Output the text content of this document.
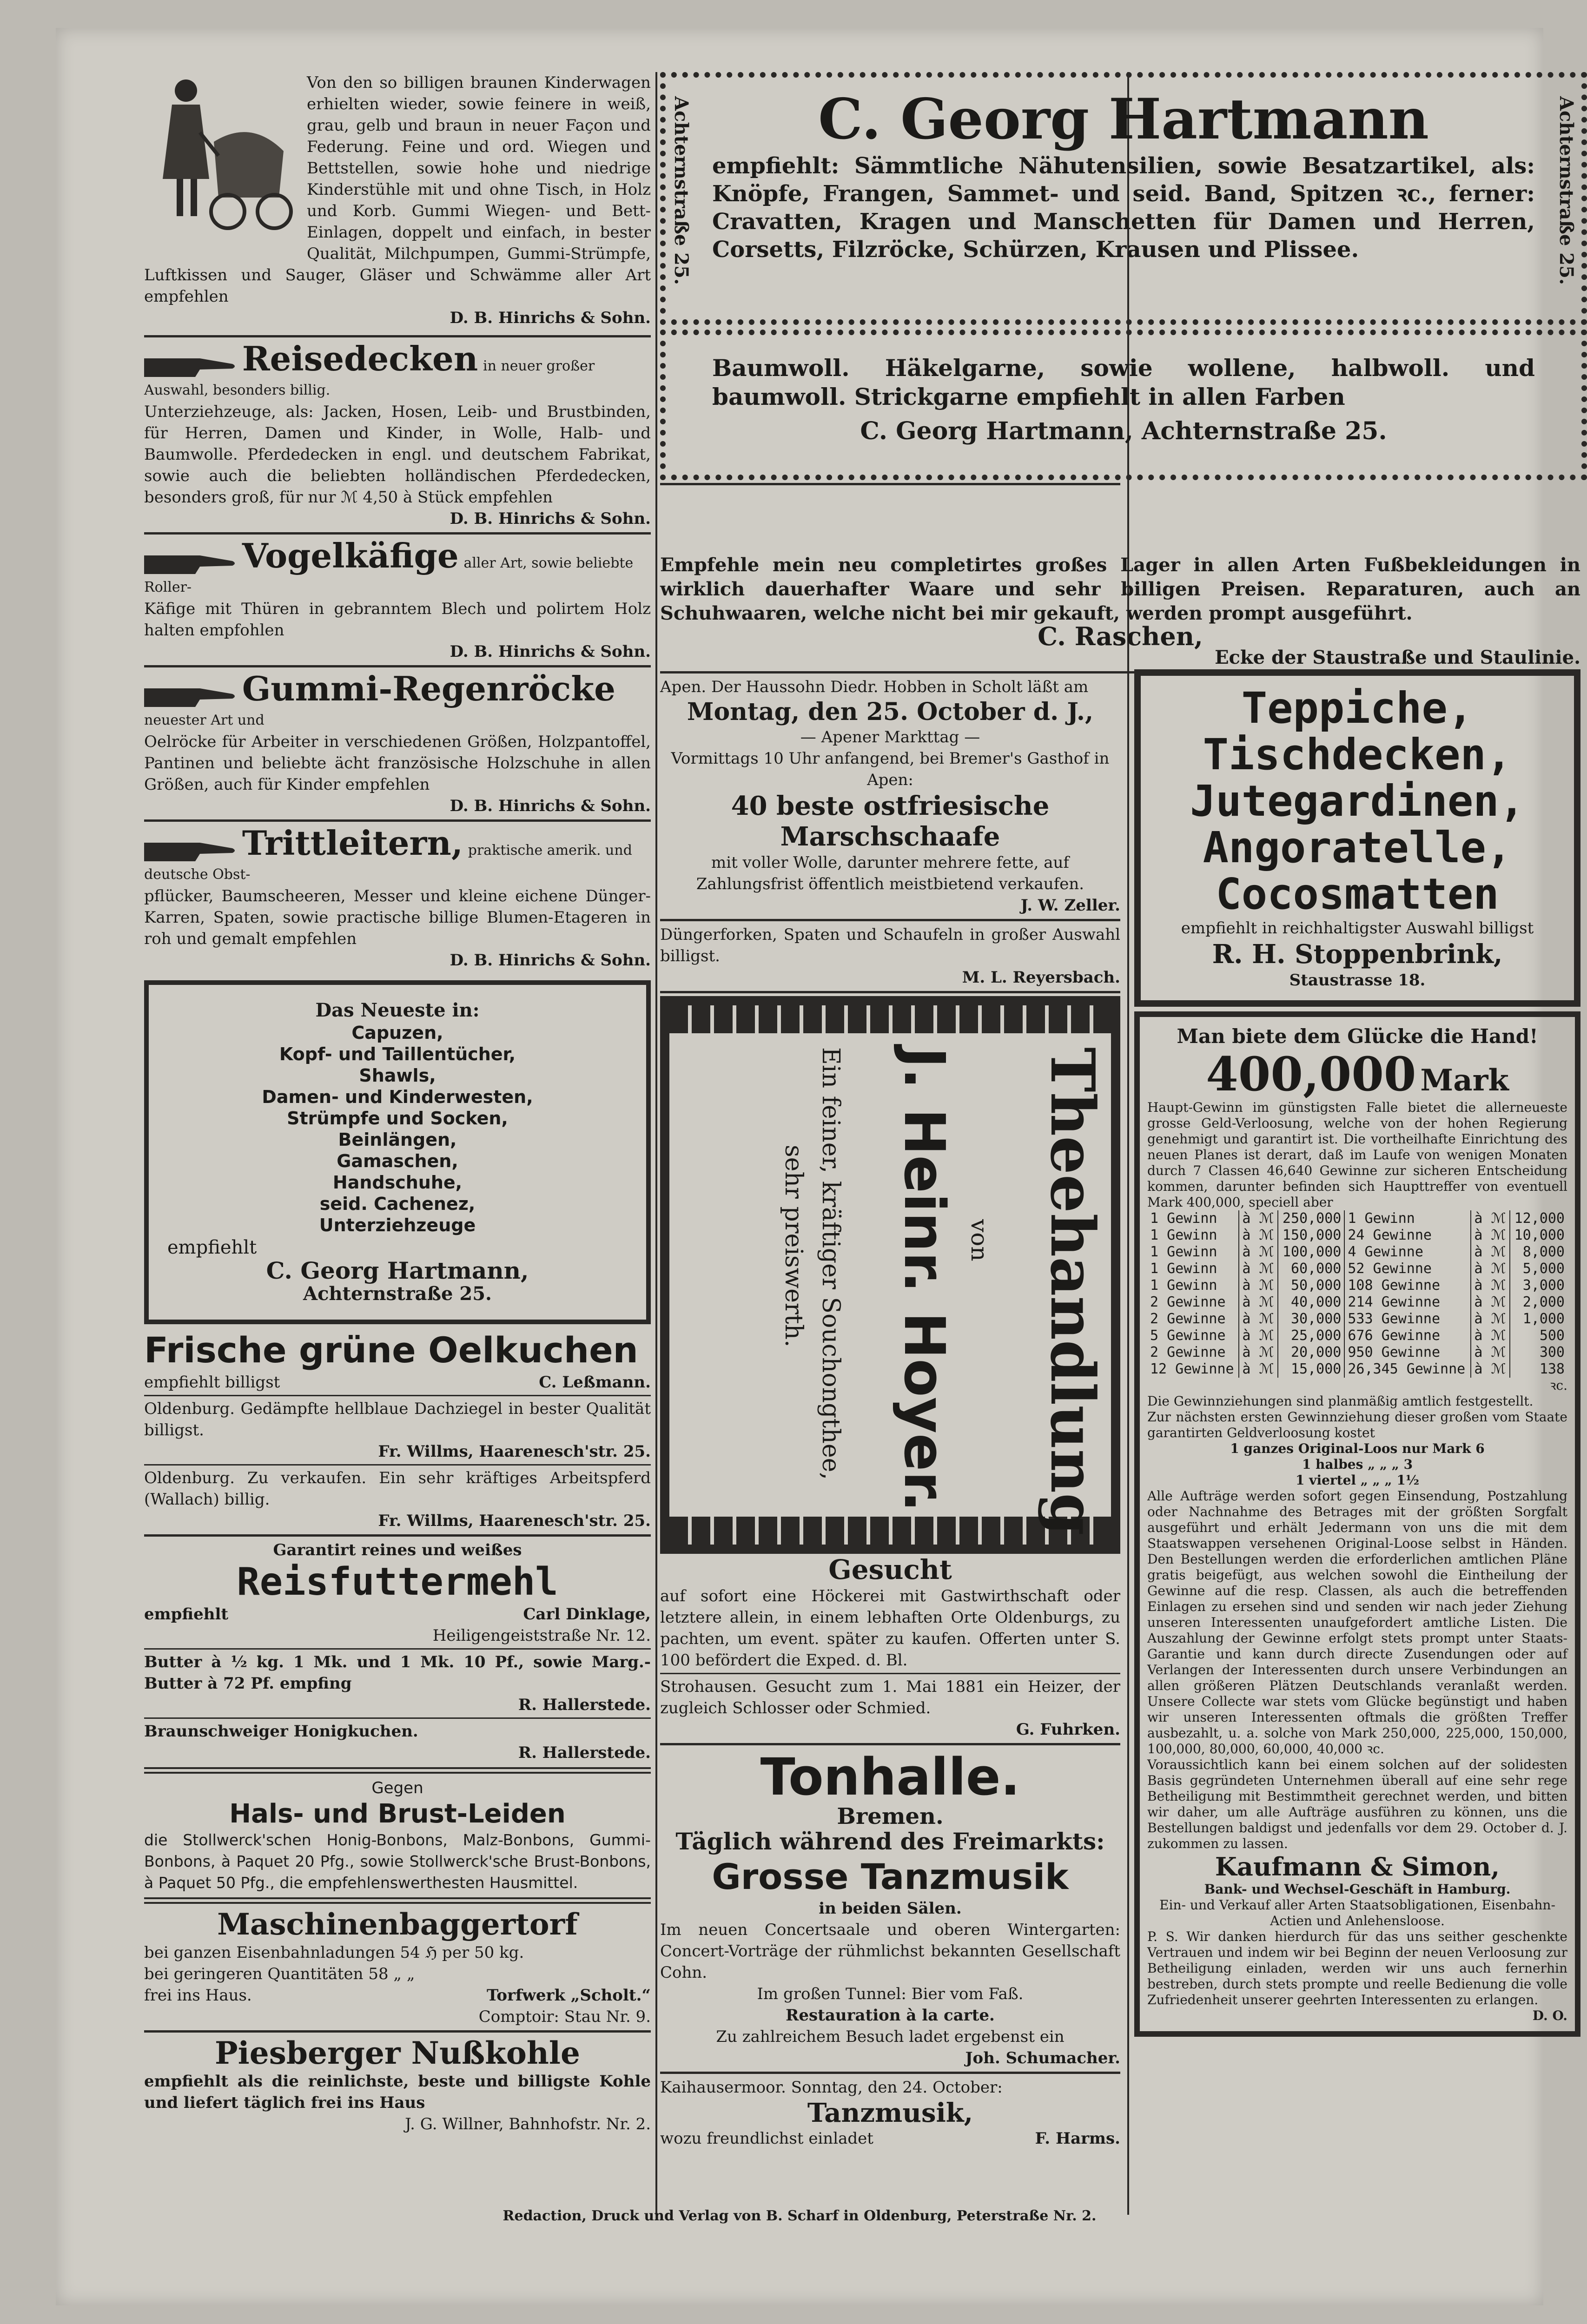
Von den so billigen braunen Kinderwagen erhielten wieder, sowie feinere in weiß, grau, gelb und braun in neuer Façon und Federung. Feine und ord. Wiegen und Bettstellen, sowie hohe und niedrige Kinderstühle mit und ohne Tisch, in Holz und Korb. Gummi Wiegen- und Bett-Einlagen, doppelt und einfach, in bester Qualität, Milchpumpen, Gummi-Strümpfe, Luftkissen und Sauger, Gläser und Schwämme aller Art empfehlen
D. B. Hinrichs & Sohn.
Reisedecken in neuer großer Auswahl, besonders billig.
Unterziehzeuge, als: Jacken, Hosen, Leib- und Brustbinden, für Herren, Damen und Kinder, in Wolle, Halb- und Baumwolle. Pferdedecken in engl. und deutschem Fabrikat, sowie auch die beliebten holländischen Pferdedecken, besonders groß, für nur ℳ 4,50 à Stück empfehlen
D. B. Hinrichs & Sohn.
Vogelkäfige aller Art, sowie beliebte Roller-
Käfige mit Thüren in gebranntem Blech und polirtem Holz halten empfohlen
D. B. Hinrichs & Sohn.
Gummi-Regenröcke neuester Art und
Oelröcke für Arbeiter in verschiedenen Größen, Holzpantoffel, Pantinen und beliebte ächt französische Holzschuhe in allen Größen, auch für Kinder empfehlen
D. B. Hinrichs & Sohn.
Trittleitern, praktische amerik. und deutsche Obst-
pflücker, Baumscheeren, Messer und kleine eichene Dünger-Karren, Spaten, sowie practische billige Blumen-Etageren in roh und gemalt empfehlen
D. B. Hinrichs & Sohn.
Das Neueste in:
Capuzen,
Kopf- und Taillentücher,
Shawls,
Damen- und Kinderwesten,
Strümpfe und Socken,
Beinlängen,
Gamaschen,
Handschuhe,
seid. Cachenez,
Unterziehzeuge
empfiehlt
C. Georg Hartmann,
Achternstraße 25.
Frische grüne Oelkuchen
empfiehlt billigst	C. Leßmann.
Oldenburg. Gedämpfte hellblaue Dachziegel in bester Qualität billigst.
Fr. Willms, Haarenesch'str. 25.
Oldenburg. Zu verkaufen. Ein sehr kräftiges Arbeitspferd (Wallach) billig.
Fr. Willms, Haarenesch'str. 25.
Garantirt reines und weißes
Reisfuttermehl
empfiehlt	Carl Dinklage,
Heiligengeiststraße Nr. 12.
Butter à ½ kg. 1 Mk. und 1 Mk. 10 Pf., sowie Marg.-Butter à 72 Pf. empfing
R. Hallerstede.
Braunschweiger Honigkuchen.
R. Hallerstede.
Gegen
Hals- und Brust-Leiden
die Stollwerck'schen Honig-Bonbons, Malz-Bonbons, Gummi-Bonbons, à Paquet 20 Pfg., sowie Stollwerck'sche Brust-Bonbons, à Paquet 50 Pfg., die empfehlenswerthesten Hausmittel.
Maschinenbaggertorf
bei ganzen Eisenbahnladungen 54 ℌ per 50 kg.
bei geringeren Quantitäten 58 „ „
frei ins Haus.	Torfwerk „Scholt.“
Comptoir: Stau Nr. 9.
Piesberger Nußkohle
empfiehlt als die reinlichste, beste und billigste Kohle und liefert täglich frei ins Haus
J. G. Willner, Bahnhofstr. Nr. 2.
Achternstraße 25.	Achternstraße 25.
C. Georg Hartmann
empfiehlt: Sämmtliche Nähutensilien, sowie Besatzartikel, als: Knöpfe, Frangen, Sammet- und seid. Band, Spitzen ꝛc., ferner: Cravatten, Kragen und Manschetten für Damen und Herren, Corsetts, Filzröcke, Schürzen, Krausen und Plissee.
Baumwoll. Häkelgarne, sowie wollene, halbwoll. und baumwoll. Strickgarne empfiehlt in allen Farben
C. Georg Hartmann, Achternstraße 25.
Empfehle mein neu completirtes großes Lager in allen Arten Fußbekleidungen in wirklich dauerhafter Waare und sehr billigen Preisen. Reparaturen, auch an Schuhwaaren, welche nicht bei mir gekauft, werden prompt ausgeführt.
C. Raschen,
Ecke der Staustraße und Staulinie.
Apen. Der Haussohn Diedr. Hobben in Scholt läßt am
Montag, den 25. October d. J.,
— Apener Markttag —
Vormittags 10 Uhr anfangend, bei Bremer's Gasthof in Apen:
40 beste ostfriesische Marschschaafe
mit voller Wolle, darunter mehrere fette, auf Zahlungsfrist öffentlich meistbietend verkaufen.
J. W. Zeller.
Düngerforken, Spaten und Schaufeln in großer Auswahl billigst.
M. L. Reyersbach.
Theehandlung
von
J. Heinr. Hoyer.
Ein feiner, kräftiger Souchongthee,
sehr preiswerth.
Gesucht
auf sofort eine Höckerei mit Gastwirthschaft oder letztere allein, in einem lebhaften Orte Oldenburgs, zu pachten, um event. später zu kaufen. Offerten unter S. 100 befördert die Exped. d. Bl.
Strohausen. Gesucht zum 1. Mai 1881 ein Heizer, der zugleich Schlosser oder Schmied.
G. Fuhrken.
Tonhalle.
Bremen.
Täglich während des Freimarkts:
Grosse Tanzmusik
in beiden Sälen.
Im neuen Concertsaale und oberen Wintergarten: Concert-Vorträge der rühmlichst bekannten Gesellschaft Cohn.
Im großen Tunnel: Bier vom Faß.
Restauration à la carte.
Zu zahlreichem Besuch ladet ergebenst ein
Joh. Schumacher.
Kaihausermoor. Sonntag, den 24. October:
Tanzmusik,
wozu freundlichst einladet	F. Harms.
Teppiche,
Tischdecken,
Jutegardinen,
Angoratelle,
Cocosmatten
empfiehlt in reichhaltigster Auswahl billigst
R. H. Stoppenbrink,
Staustrasse 18.
Man biete dem Glücke die Hand!
400,000 Mark
Haupt-Gewinn im günstigsten Falle bietet die allerneueste grosse Geld-Verloosung, welche von der hohen Regierung genehmigt und garantirt ist. Die vortheilhafte Einrichtung des neuen Planes ist derart, daß im Laufe von wenigen Monaten durch 7 Classen 46,640 Gewinne zur sicheren Entscheidung kommen, darunter befinden sich Haupttreffer von eventuell Mark 400,000, speciell aber
1 Gewinn	à ℳ	250,000	1 Gewinn	à ℳ	12,000
1 Gewinn	à ℳ	150,000	24 Gewinne	à ℳ	10,000
1 Gewinn	à ℳ	100,000	4 Gewinne	à ℳ	8,000
1 Gewinn	à ℳ	60,000	52 Gewinne	à ℳ	5,000
1 Gewinn	à ℳ	50,000	108 Gewinne	à ℳ	3,000
2 Gewinne	à ℳ	40,000	214 Gewinne	à ℳ	2,000
2 Gewinne	à ℳ	30,000	533 Gewinne	à ℳ	1,000
5 Gewinne	à ℳ	25,000	676 Gewinne	à ℳ	500
2 Gewinne	à ℳ	20,000	950 Gewinne	à ℳ	300
12 Gewinne	à ℳ	15,000	26,345 Gewinne	à ℳ	138
ꝛc.
Die Gewinnziehungen sind planmäßig amtlich festgestellt.
Zur nächsten ersten Gewinnziehung dieser großen vom Staate garantirten Geldverloosung kostet
1 ganzes Original-Loos nur Mark 6
1 halbes „ „ „ 3
1 viertel „ „ „ 1½
Alle Aufträge werden sofort gegen Einsendung, Postzahlung oder Nachnahme des Betrages mit der größten Sorgfalt ausgeführt und erhält Jedermann von uns die mit dem Staatswappen versehenen Original-Loose selbst in Händen. Den Bestellungen werden die erforderlichen amtlichen Pläne gratis beigefügt, aus welchen sowohl die Eintheilung der Gewinne auf die resp. Classen, als auch die betreffenden Einlagen zu ersehen sind und senden wir nach jeder Ziehung unseren Interessenten unaufgefordert amtliche Listen. Die Auszahlung der Gewinne erfolgt stets prompt unter Staats-Garantie und kann durch directe Zusendungen oder auf Verlangen der Interessenten durch unsere Verbindungen an allen größeren Plätzen Deutschlands veranlaßt werden. Unsere Collecte war stets vom Glücke begünstigt und haben wir unseren Interessenten oftmals die größten Treffer ausbezahlt, u. a. solche von Mark 250,000, 225,000, 150,000, 100,000, 80,000, 60,000, 40,000 ꝛc.
Voraussichtlich kann bei einem solchen auf der solidesten Basis gegründeten Unternehmen überall auf eine sehr rege Betheiligung mit Bestimmtheit gerechnet werden, und bitten wir daher, um alle Aufträge ausführen zu können, uns die Bestellungen baldigst und jedenfalls vor dem 29. October d. J. zukommen zu lassen.
Kaufmann & Simon,
Bank- und Wechsel-Geschäft in Hamburg.
Ein- und Verkauf aller Arten Staatsobligationen, Eisenbahn-Actien und Anlehensloose.
P. S. Wir danken hierdurch für das uns seither geschenkte Vertrauen und indem wir bei Beginn der neuen Verloosung zur Betheiligung einladen, werden wir uns auch fernerhin bestreben, durch stets prompte und reelle Bedienung die volle Zufriedenheit unserer geehrten Interessenten zu erlangen.
D. O.
Redaction, Druck und Verlag von B. Scharf in Oldenburg, Peterstraße Nr. 2.
